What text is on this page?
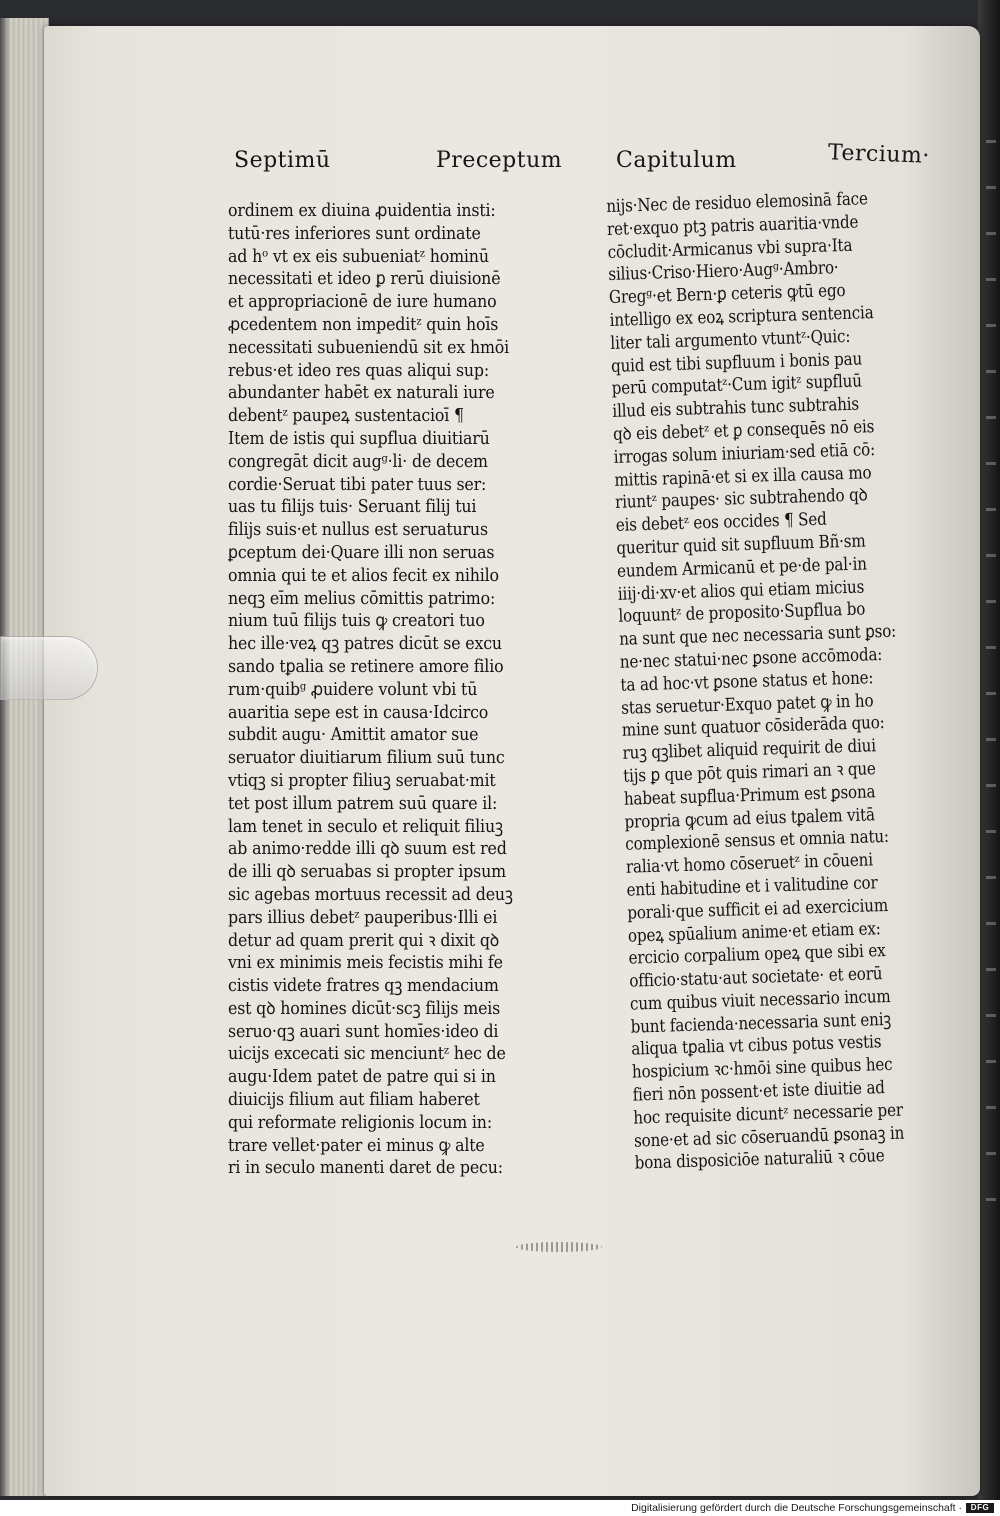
Septimū	Preceptum Capitulum	Tercium·
ordinem ex diuina ꝓuidentia insti:
tutū·res inferiores sunt ordinate
ad hᵒ vt ex eis subueniatᶻ hominū
necessitati et ideo ꝑ rerū diuisionē
et appropriacionē de iure humano
ꝓcedentem non impeditᶻ quin hoīs
necessitati subueniendū sit ex hmōi
rebus·et ideo res quas aliqui sup:
abundanter habēt ex naturali iure
debentᶻ paupeꝝ sustentacioī ¶
Item de istis qui supflua diuitiarū
congregāt dicit augᵍ·li· de decem
cordie·Seruat tibi pater tuus ser:
uas tu filijs tuis· Seruant filij tui
filijs suis·et nullus est seruaturus
ꝑceptum dei·Quare illi non seruas
omnia qui te et alios fecit ex nihilo
neqꝫ eīm melius cōmittis patrimo:
nium tuū filijs tuis ꝙ creatori tuo
hec ille·veꝝ qꝫ patres dicūt se excu
sando tꝑalia se retinere amore filio
rum·quibᵍ ꝓuidere volunt vbi tū
auaritia sepe est in causa·Idcirco
subdit augu· Amittit amator sue
seruator diuitiarum filium suū tunc
vtiqꝫ si propter filiuꝫ seruabat·mit
tet post illum patrem suū quare il:
lam tenet in seculo et reliquit filiuꝫ
ab animo·redde illi qꝺ suum est red
de illi qꝺ seruabas si propter ipsum
sic agebas mortuus recessit ad deuꝫ
pars illius debetᶻ pauperibus·Illi ei
detur ad quam prerit qui ꝛ dixit qꝺ
vni ex minimis meis fecistis mihi fe
cistis videte fratres qꝫ mendacium
est qꝺ homines dicūt·scꝫ filijs meis
seruo·qꝫ auari sunt homīes·ideo di
uicijs excecati sic menciuntᶻ hec de
augu·Idem patet de patre qui si in
diuicijs filium aut filiam haberet
qui reformate religionis locum in:
trare vellet·pater ei minus ꝙ alte
ri in seculo manenti daret de pecu:
nijs·Nec de residuo elemosinā face
ret·exquo ptꝫ patris auaritia·vnde
cōcludit·Armicanus vbi supra·Ita
silius·Criso·Hiero·Augᵍ·Ambro·
Gregᵍ·et Bern·ꝑ ceteris ꝙtū ego
intelligo ex eoꝝ scriptura sentencia
liter tali argumento vtuntᶻ·Quic:
quid est tibi supfluum i bonis pau
perū computatᶻ·Cum igitᶻ supfluū
illud eis subtrahis tunc subtrahis
qꝺ eis debetᶻ et ꝑ consequēs nō eis
irrogas solum iniuriam·sed etiā cō:
mittis rapinā·et si ex illa causa mo
riuntᶻ paupes· sic subtrahendo qꝺ
eis debetᶻ eos occides ¶ Sed
queritur quid sit supfluum Bñ·sm
eundem Armicanū et pe·de pal·in
iiij·di·xv·et alios qui etiam micius
loquuntᶻ de proposito·Supflua bo
na sunt que nec necessaria sunt ꝑso:
ne·nec statui·nec ꝑsone accōmoda:
ta ad hoc·vt ꝑsone status et hone:
stas seruetur·Exquo patet ꝙ in ho
mine sunt quatuor cōsiderāda quo:
ruꝫ qꝫlibet aliquid requirit de diui
tijs ꝑ que pōt quis rimari an ꝛ que
habeat supflua·Primum est ꝑsona
propria ꝙcum ad eius tꝑalem vitā
complexionē sensus et omnia natu:
ralia·vt homo cōseruetᶻ in cōueni
enti habitudine et i valitudine cor
porali·que sufficit ei ad exercicium
opeꝝ spūalium anime·et etiam ex:
ercicio corpalium opeꝝ que sibi ex
officio·statu·aut societate· et eorū
cum quibus viuit necessario incum
bunt facienda·necessaria sunt eniꝫ
aliqua tꝑalia vt cibus potus vestis
hospicium ꝛc·hmōi sine quibus hec
fieri nōn possent·et iste diuitie ad
hoc requisite dicuntᶻ necessarie per
sone·et ad sic cōseruandū ꝑsonaꝫ in
bona disposiciōe naturaliū ꝛ cōue
Digitalisierung gefördert durch die Deutsche Forschungsgemeinschaft ·	DFG
